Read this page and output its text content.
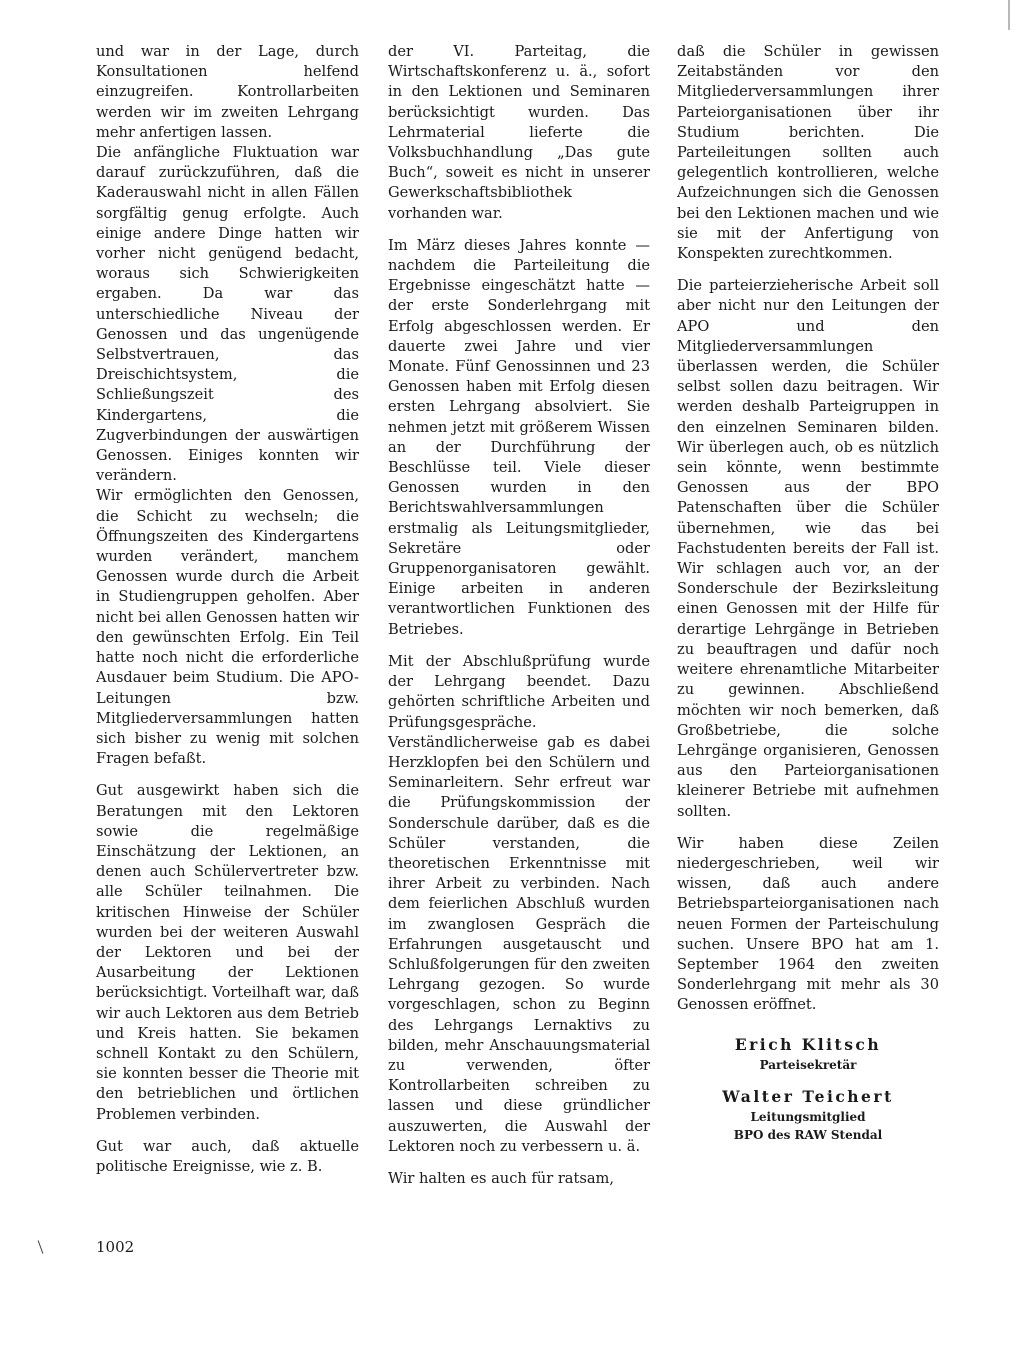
und war in der Lage, durch Konsultationen helfend einzugreifen. Kontrollarbeiten werden wir im zweiten Lehrgang mehr anfertigen lassen.

Die anfängliche Fluktuation war darauf zurückzuführen, daß die Kaderauswahl nicht in allen Fällen sorgfältig genug erfolgte. Auch einige andere Dinge hatten wir vorher nicht genügend bedacht, woraus sich Schwierigkeiten ergaben. Da war das unterschiedliche Niveau der Genossen und das ungenügende Selbstvertrauen, das Dreischichtsystem, die Schließungszeit des Kindergartens, die Zugverbindungen der auswärtigen Genossen. Einiges konnten wir verändern.

Wir ermöglichten den Genossen, die Schicht zu wechseln; die Öffnungszeiten des Kindergartens wurden verändert, manchem Genossen wurde durch die Arbeit in Studiengruppen geholfen. Aber nicht bei allen Genossen hatten wir den gewünschten Erfolg. Ein Teil hatte noch nicht die erforderliche Ausdauer beim Studium. Die APO-Leitungen bzw. Mitgliederversammlungen hatten sich bisher zu wenig mit solchen Fragen befaßt.

Gut ausgewirkt haben sich die Beratungen mit den Lektoren sowie die regelmäßige Einschätzung der Lektionen, an denen auch Schülervertreter bzw. alle Schüler teilnahmen. Die kritischen Hinweise der Schüler wurden bei der weiteren Auswahl der Lektoren und bei der Ausarbeitung der Lektionen berücksichtigt. Vorteilhaft war, daß wir auch Lektoren aus dem Betrieb und Kreis hatten. Sie bekamen schnell Kontakt zu den Schülern, sie konnten besser die Theorie mit den betrieblichen und örtlichen Problemen verbinden.

Gut war auch, daß aktuelle politische Ereignisse, wie z. B.

der VI. Parteitag, die Wirtschaftskonferenz u. ä., sofort in den Lektionen und Seminaren berücksichtigt wurden. Das Lehrmaterial lieferte die Volksbuchhandlung „Das gute Buch“, soweit es nicht in unserer Gewerkschaftsbibliothek vorhanden war.

Im März dieses Jahres konnte — nachdem die Parteileitung die Ergebnisse eingeschätzt hatte — der erste Sonderlehrgang mit Erfolg abgeschlossen werden. Er dauerte zwei Jahre und vier Monate. Fünf Genossinnen und 23 Genossen haben mit Erfolg diesen ersten Lehrgang absolviert. Sie nehmen jetzt mit größerem Wissen an der Durchführung der Beschlüsse teil. Viele dieser Genossen wurden in den Berichtswahlversammlungen erstmalig als Leitungsmitglieder, Sekretäre oder Gruppenorganisatoren gewählt. Einige arbeiten in anderen verantwortlichen Funktionen des Betriebes.

Mit der Abschlußprüfung wurde der Lehrgang beendet. Dazu gehörten schriftliche Arbeiten und Prüfungsgespräche. Verständlicherweise gab es dabei Herzklopfen bei den Schülern und Seminarleitern. Sehr erfreut war die Prüfungskommission der Sonderschule darüber, daß es die Schüler verstanden, die theoretischen Erkenntnisse mit ihrer Arbeit zu verbinden. Nach dem feierlichen Abschluß wurden im zwanglosen Gespräch die Erfahrungen ausgetauscht und Schlußfolgerungen für den zweiten Lehrgang gezogen. So wurde vorgeschlagen, schon zu Beginn des Lehrgangs Lernaktivs zu bilden, mehr Anschauungsmaterial zu verwenden, öfter Kontrollarbeiten schreiben zu lassen und diese gründlicher auszuwerten, die Auswahl der Lektoren noch zu verbessern u. ä.

Wir halten es auch für ratsam,

daß die Schüler in gewissen Zeitabständen vor den Mitgliederversammlungen ihrer Parteiorganisationen über ihr Studium berichten. Die Parteileitungen sollten auch gelegentlich kontrollieren, welche Aufzeichnungen sich die Genossen bei den Lektionen machen und wie sie mit der Anfertigung von Konspekten zurechtkommen.

Die parteierzieherische Arbeit soll aber nicht nur den Leitungen der APO und den Mitgliederversammlungen überlassen werden, die Schüler selbst sollen dazu beitragen. Wir werden deshalb Parteigruppen in den einzelnen Seminaren bilden. Wir überlegen auch, ob es nützlich sein könnte, wenn bestimmte Genossen aus der BPO Patenschaften über die Schüler übernehmen, wie das bei Fachstudenten bereits der Fall ist. Wir schlagen auch vor, an der Sonderschule der Bezirksleitung einen Genossen mit der Hilfe für derartige Lehrgänge in Betrieben zu beauftragen und dafür noch weitere ehrenamtliche Mitarbeiter zu gewinnen. Abschließend möchten wir noch bemerken, daß Großbetriebe, die solche Lehrgänge organisieren, Genossen aus den Parteiorganisationen kleinerer Betriebe mit aufnehmen sollten.

Wir haben diese Zeilen niedergeschrieben, weil wir wissen, daß auch andere Betriebsparteiorganisationen nach neuen Formen der Parteischulung suchen. Unsere BPO hat am 1. September 1964 den zweiten Sonderlehrgang mit mehr als 30 Genossen eröffnet.

Erich Klitsch
Parteisekretär
Walter Teichert
Leitungsmitglied
BPO des RAW Stendal
1002
